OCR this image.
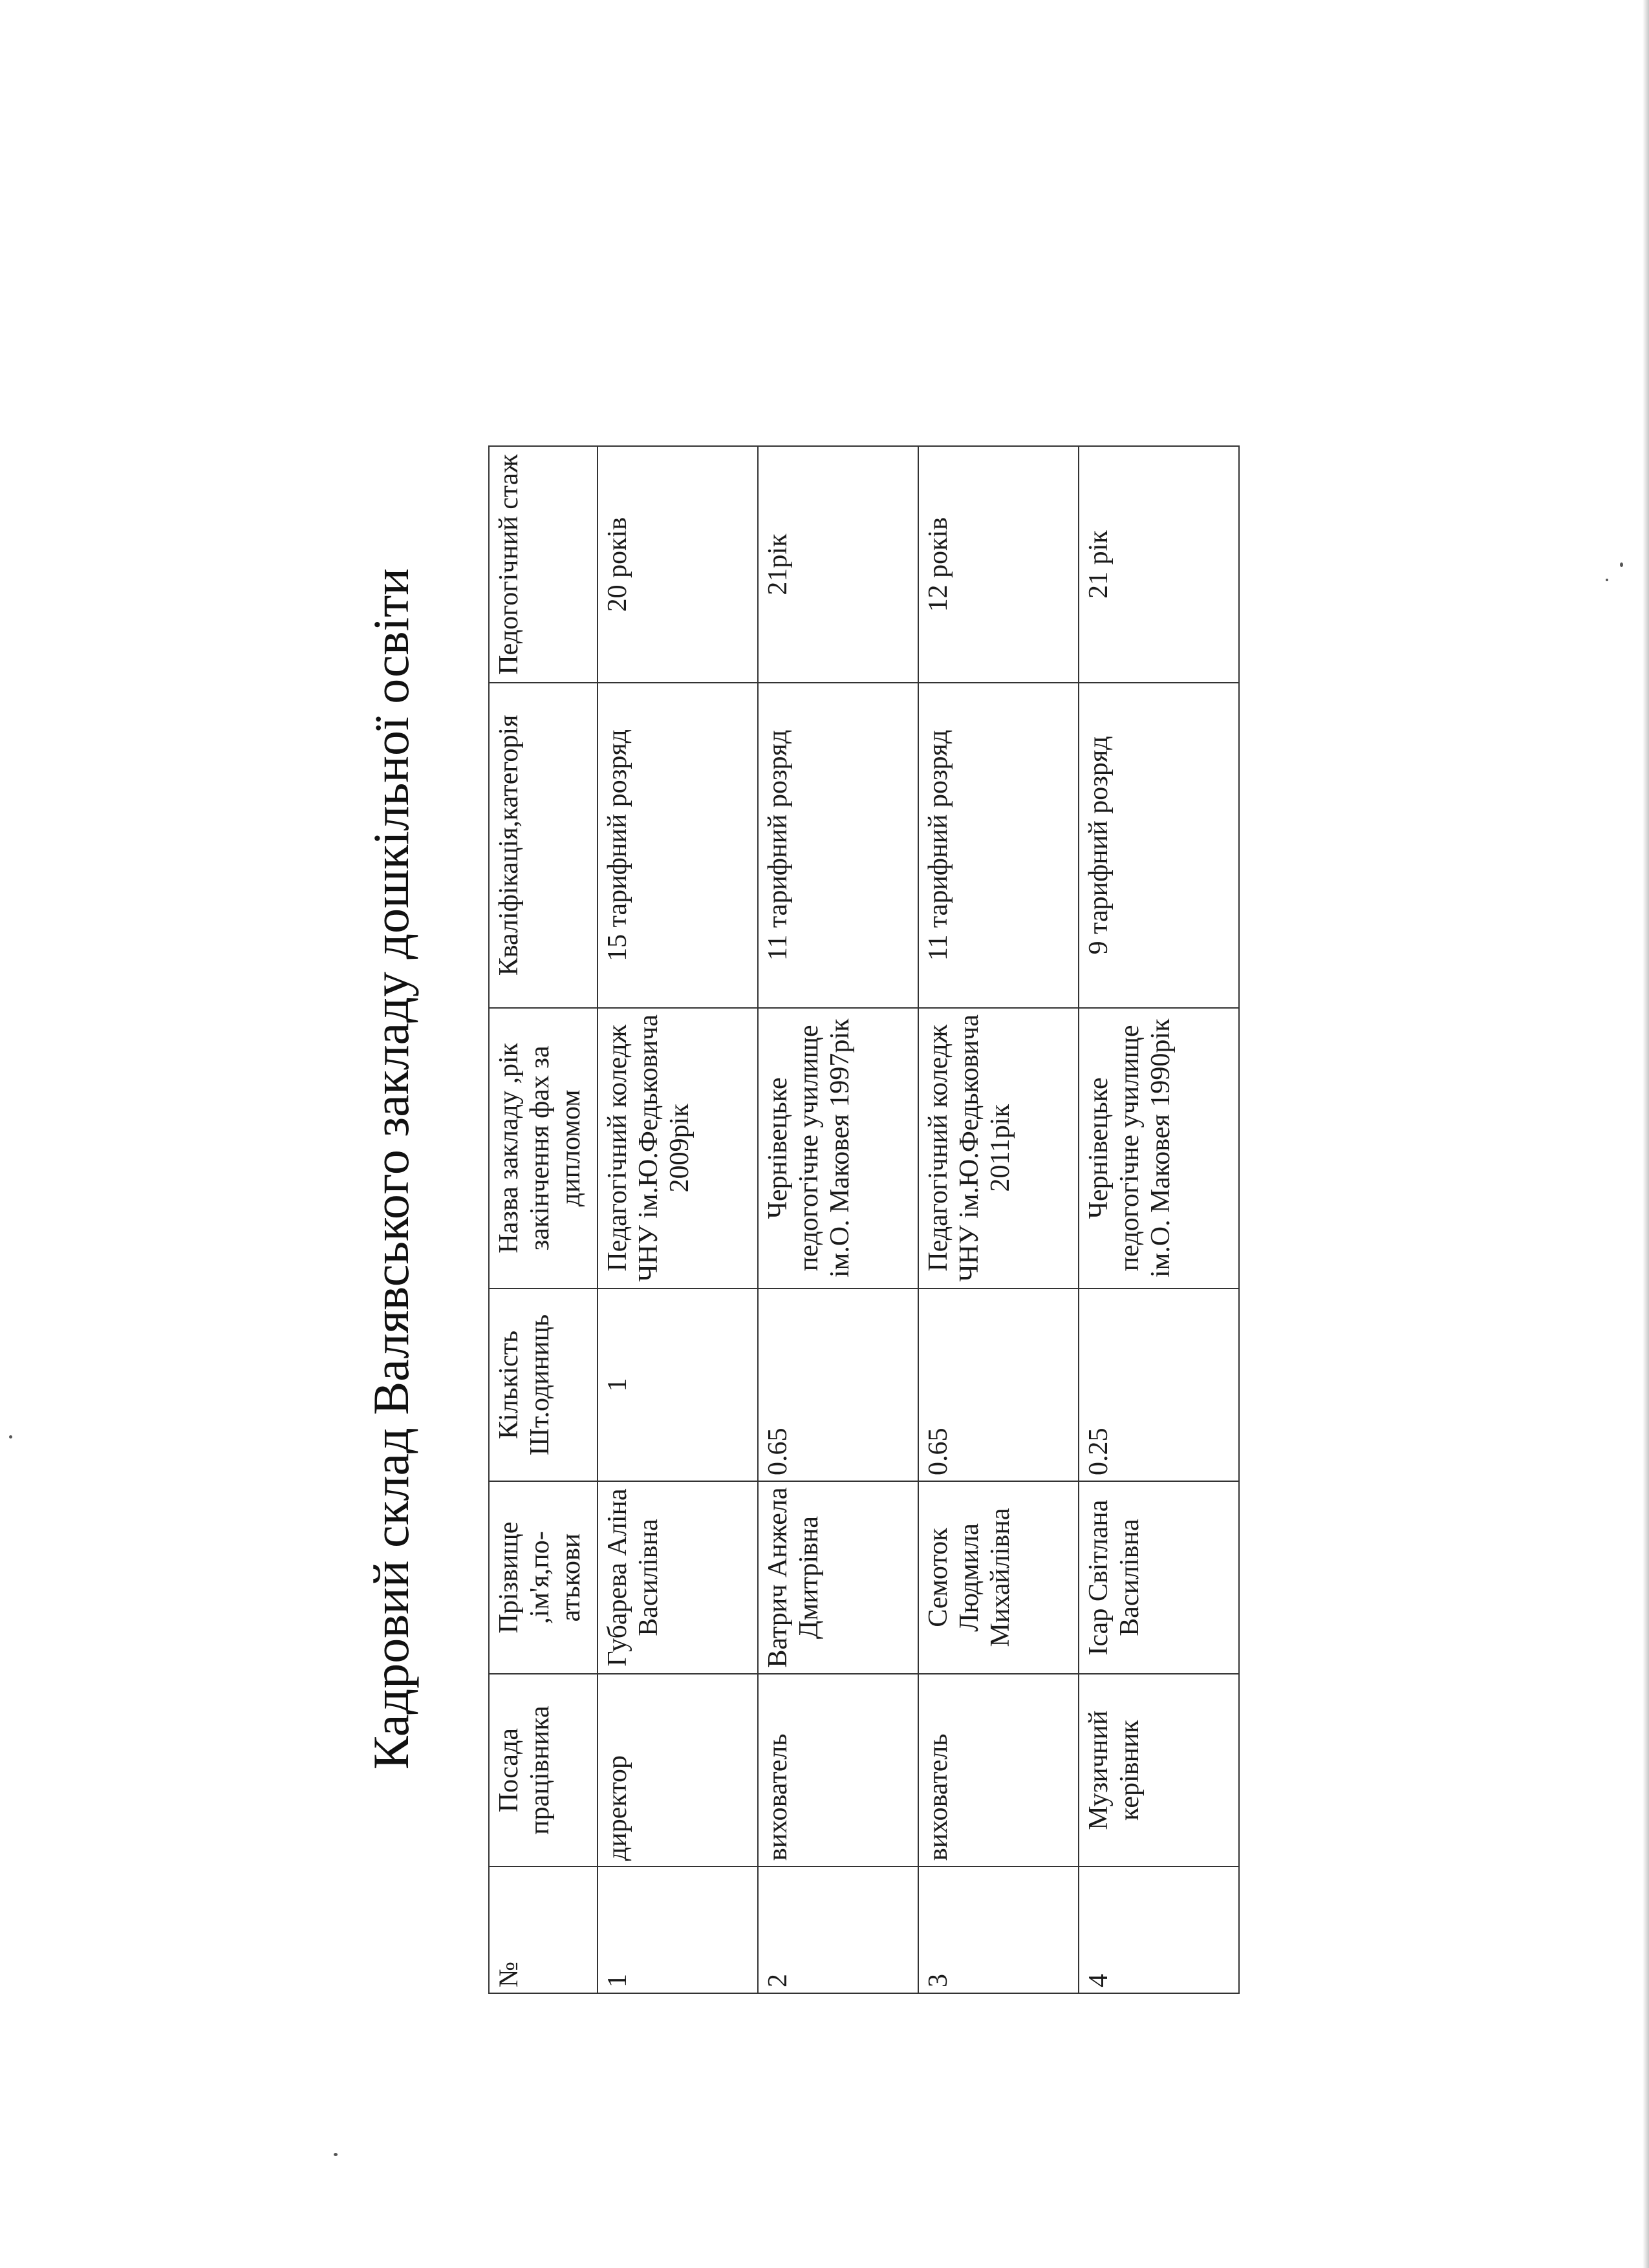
Кадровий склад Валявського закладу дошкільної освіти
№	Посада працівника	Прізвище ,ім'я,по-атькови	Кількість Шт.одиниць	Назва закладу ,рік закінчення фах за дипломом	Кваліфікація,категорія	Педогогічний стаж
1	директор	Губарева Аліна Василівна	1	Педагогічний коледж ЧНУ ім.Ю.Федьковича 2009рік	15 тарифний розряд	20 років
2	вихователь	Ватрич Анжела Дмитрівна	0.65	Чернівецьке педогогічне училище ім.О. Маковея 1997рік	11 тарифний розряд	21рік
3	вихователь	Семоток Людмила Михайлівна	0.65	Педагогічний коледж ЧНУ ім.Ю.Федьковича 2011рік	11 тарифний розряд	12 років
4	Музичний керівник	Ісар Світлана Василівна	0.25	Чернівецьке педогогічне училище ім.О. Маковея 1990рік	9 тарифний розряд	21 рік
